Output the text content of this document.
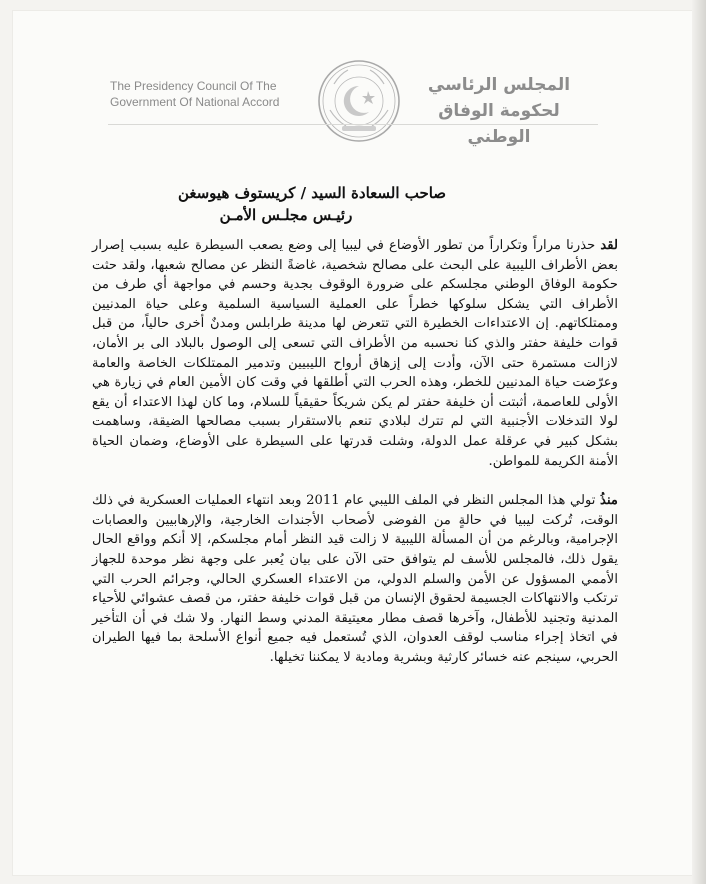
The Presidency Council Of The
Government Of National Accord
المجلس الرئاسي
لحكومة الوفاق الوطني
صاحب السعادة السيد / كريستوف هيوسغن
رئيـس مجلـس الأمـن

لقد حذرنا مراراً وتكراراً من تطور الأوضاع في ليبيا إلى وضع يصعب السيطرة عليه بسبب إصرار بعض الأطراف الليبية على البحث على مصالح شخصية، غاضةً النظر عن مصالح شعبها، ولقد حثت حكومة الوفاق الوطني مجلسكم على ضرورة الوقوف بجدية وحسم في مواجهة أي طرف من الأطراف التي يشكل سلوكها خطراً على العملية السياسية السلمية وعلى حياة المدنيين وممتلكاتهم. إن الاعتداءات الخطيرة التي تتعرض لها مدينة طرابلس ومدنٌ أخرى حالياً، من قبل قوات خليفة حفتر والذي كنا نحسبه من الأطراف التي تسعى إلى الوصول بالبلاد الى بر الأمان، لازالت مستمرة حتى الآن، وأدت إلى إزهاق أرواح الليبيين وتدمير الممتلكات الخاصة والعامة وعرّضت حياة المدنيين للخطر، وهذه الحرب التي أطلقها في وقت كان الأمين العام في زيارة هي الأولى للعاصمة، أثبتت أن خليفة حفتر لم يكن شريكاً حقيقياً للسلام، وما كان لهذا الاعتداء أن يقع لولا التدخلات الأجنبية التي لم تترك لبلادي تنعم بالاستقرار بسبب مصالحها الضيقة، وساهمت بشكل كبير في عرقلة عمل الدولة، وشلت قدرتها على السيطرة على الأوضاع، وضمان الحياة الأمنة الكريمة للمواطن.

منذُ تولي هذا المجلس النظر في الملف الليبي عام 2011 وبعد انتهاء العمليات العسكرية في ذلك الوقت، تُركت ليبيا في حالةٍ من الفوضى لأصحاب الأجندات الخارجية، والإرهابيين والعصابات الإجرامية، وبالرغم من أن المسألة الليبية لا زالت قيد النظر أمام مجلسكم، إلا أنكم وواقع الحال يقول ذلك، فالمجلس للأسف لم يتوافق حتى الآن على بيان يُعبر على وجهة نظر موحدة للجهاز الأممي المسؤول عن الأمن والسلم الدولي، من الاعتداء العسكري الحالي، وجرائم الحرب التي ترتكب والانتهاكات الجسيمة لحقوق الإنسان من قبل قوات خليفة حفتر، من قصف عشوائي للأحياء المدنية وتجنيد للأطفال، وآخرها قصف مطار معيتيقة المدني وسط النهار. ولا شك في أن التأخير في اتخاذ إجراء مناسب لوقف العدوان، الذي تُستعمل فيه جميع أنواع الأسلحة بما فيها الطيران الحربي، سينجم عنه خسائر كارثية وبشرية ومادية لا يمكننا تخيلها.
